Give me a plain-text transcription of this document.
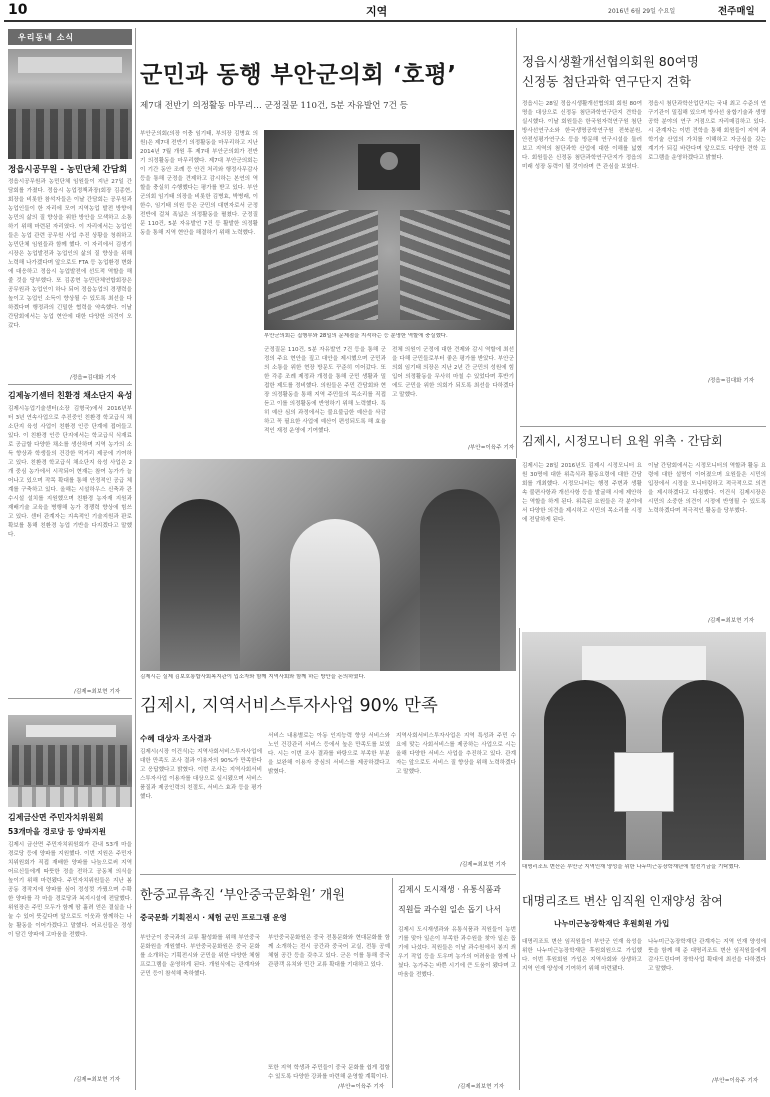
10	지역	2016년 6월 29일 수요일	전주매일
우리동네 소식
정읍시공무원 - 농민단체 간담회
정읍시공무원과 농민단체 임원들이 지난 27일 간담회를 가졌다. 정읍시 농업정책과장(회장 김종현, 회장을 비롯한 참석자들은 이날 간담회는 공무원과 농업인들이 한 자리에 모여 지역농업 발전 방향에 농민의 삶의 질 향상을 위한 방안을 모색하고 소통하기 위해 마련된 자리였다. 이 자리에서는 농업인들은 농업 관련 공무원 사업 추진 상황을 청취하고 농민단체 임원들과 함께 했다. 이 자리에서 김생기 시장은 농업발전과 농업인의 삶의 질 향상을 위해 노력해 나가겠다며 앞으로도 FTA 등 농업환경 변화에 대응하고 정읍시 농업발전에 선도적 역할을 해 줄 것을 당부했다. 또 김종현 농민단체연합회장은 공무원과 농업인이 하나 되어 정읍농업의 경쟁력을 높이고 농업인 소득이 향상될 수 있도록 최선을 다하겠다며 행정과의 긴밀한 협력을 약속했다. 이날 간담회에서는 농업 현안에 대한 다양한 의견이 오갔다.
/정읍=김대화 기자
김제농기센터 친환경 채소단지 육성
김제시농업기술센터(소장 김형국)에서 2016년부터 3년 연속사업으로 추진중인 친환경 학교급식 채소단지 육성 사업이 친환경 인증 단계에 접어들고 있다. 이 친환경 인증 단지에서는 학교급식 식재료로 공급할 다양한 채소를 생산하며 지역 농가의 소득 향상과 학생들의 건강한 먹거리 제공에 기여하고 있다. 친환경 학교급식 채소단지 육성 사업은 2개 중심 농가에서 시작되어 현재는 참여 농가가 늘어나고 있으며 작목 확대를 통해 안정적인 공급 체계를 구축하고 있다. 올해는 시설하우스 신축과 관수시설 설치를 지원했으며 친환경 농자재 지원과 재배기술 교육을 병행해 농가 경쟁력 향상에 힘쓰고 있다. 센터 관계자는 지속적인 기술지원과 판로 확보를 통해 친환경 농업 기반을 다지겠다고 말했다.
/김제=최보현 기자
김제금산면 주민자치위원회
53개마을 경로당 등 양파지원
김제시 금산면 주민자치위원회가 관내 53개 마을 경로당 등에 양파를 지원했다. 이번 지원은 주민자치위원회가 직접 재배한 양파를 나눔으로써 지역 어르신들에게 따뜻한 정을 전하고 공동체 의식을 높이기 위해 마련됐다. 주민자치위원들은 지난 봄 공동 경작지에 양파를 심어 정성껏 가꿨으며 수확한 양파를 각 마을 경로당과 복지시설에 전달했다. 위원장은 주민 모두가 함께 땀 흘려 얻은 결실을 나눌 수 있어 뜻깊다며 앞으로도 이웃과 함께하는 나눔 활동을 이어가겠다고 말했다. 어르신들은 정성이 담긴 양파에 고마움을 전했다.
/김제=최보현 기자
군민과 동행 부안군의회 ‘호평’
제7대 전반기 의정활동 마무리… 군정질문 110건, 5분 자유발언 7건 등
부안군의회(의장 이충 임기태, 부의장 김병효 의원)은 제7대 전반기 의정활동을 마무리하고 지난 2014년 7월 개원 후 제7대 부안군의회가 전반기 의정활동을 마무리했다. 제7대 부안군의회는 이 기간 동안 조례 등 안건 처리와 행정사무감사 등을 통해 군정을 견제하고 감시하는 본연의 역할을 충실히 수행했다는 평가를 받고 있다. 부안군의회 임기태 의장을 비롯한 김병효, 박병래, 이한수, 임기태 의원 등은 군민의 대변자로서 군정 전반에 걸쳐 폭넓은 의정활동을 펼쳤다. 군정질문 110건, 5분 자유발언 7건 등 활발한 의정활동을 통해 지역 현안을 해결하기 위해 노력했다.
부안군의회는 집행부와 28일의 문제점을 지적하는 등 분명한 역할에 충실했다.
군정질문 110건, 5분 자유발언 7건 등을 통해 군정의 주요 현안을 짚고 대안을 제시했으며 군민과의 소통을 위한 현장 방문도 꾸준히 이어갔다. 또한 각종 조례 제정과 개정을 통해 군민 생활과 밀접한 제도를 정비했다. 의원들은 주민 간담회와 현장 의정활동을 통해 지역 주민들의 목소리를 직접 듣고 이를 의정활동에 반영하기 위해 노력했다. 특히 예산 심의 과정에서는 불요불급한 예산을 삭감하고 꼭 필요한 사업에 예산이 편성되도록 해 효율적인 재정 운영에 기여했다.
전체 의원이 군정에 대한 견제와 감시 역할에 최선을 다해 군민들로부터 좋은 평가를 받았다. 부안군의회 임기태 의장은 지난 2년 간 군민의 성원에 힘입어 의정활동을 무사히 마칠 수 있었다며 후반기에도 군민을 위한 의회가 되도록 최선을 다하겠다고 말했다.
/부안=이육주 기자
정읍시생활개선협의회원 80여명
신정동 첨단과학 연구단지 견학
정읍시는 28일 정읍시생활개선협의회 회원 80여명을 대상으로 신정동 첨단과학연구단지 견학을 실시했다. 이날 회원들은 한국원자력연구원 첨단방사선연구소와 한국생명공학연구원 전북분원, 안전성평가연구소 등을 방문해 연구시설을 둘러보고 지역의 첨단과학 산업에 대한 이해를 넓혔다. 회원들은 신정동 첨단과학연구단지가 정읍의 미래 성장 동력이 될 것이라며 큰 관심을 보였다.
정읍시 첨단과학산업단지는 국내 최고 수준의 연구기관이 밀집해 있으며 방사선 융합기술과 생명공학 분야의 연구 거점으로 자리매김하고 있다. 시 관계자는 이번 견학을 통해 회원들이 지역 과학기술 산업의 가치를 이해하고 자긍심을 갖는 계기가 되길 바란다며 앞으로도 다양한 견학 프로그램을 운영하겠다고 밝혔다.
/정읍=김대화 기자
김제시, 시정모니터 요원 위촉 · 간담회
김제시는 28일 2016년도 김제시 시정모니터 요원 30명에 대한 위촉식과 활동요령에 대한 간담회를 개최했다. 시정모니터는 행정 주변과 생활 속 불편사항과 개선사항 등을 발굴해 시에 제안하는 역할을 하게 된다. 위촉된 요원들은 각 분야에서 다양한 의견을 제시하고 시민의 목소리를 시정에 전달하게 된다.
이날 간담회에서는 시정모니터의 역할과 활동 요령에 대한 설명이 이어졌으며 요원들은 시민의 입장에서 시정을 모니터링하고 적극적으로 의견을 제시하겠다고 다짐했다. 이건식 김제시장은 시민의 소중한 의견이 시정에 반영될 수 있도록 노력하겠다며 적극적인 활동을 당부했다.
/김제=최보현 기자
김제시는 실제 김보호통합사회복지관이 입소자와 함께 지역사회와 함께 하는 방안을 논의하였다.
김제시, 지역서비스투자사업 90% 만족
수혜 대상자 조사결과
김제시(시장 이건식)는 지역사회서비스투자사업에 대한 만족도 조사 결과 이용자의 90%가 만족한다고 응답했다고 밝혔다. 이번 조사는 지역사회서비스투자사업 이용자를 대상으로 실시됐으며 서비스 품질과 제공인력의 친절도, 서비스 효과 등을 평가했다.
서비스 내용별로는 아동 인지능력 향상 서비스와 노인 건강관리 서비스 등에서 높은 만족도를 보였다. 시는 이번 조사 결과를 바탕으로 부족한 부분을 보완해 이용자 중심의 서비스를 제공하겠다고 밝혔다.
지역사회서비스투자사업은 지역 특성과 주민 수요에 맞는 사회서비스를 제공하는 사업으로 시는 올해 다양한 서비스 사업을 추진하고 있다. 관계자는 앞으로도 서비스 질 향상을 위해 노력하겠다고 말했다.
/김제=최보현 기자
한중교류촉진 ‘부안중국문화원’ 개원
중국문화 기획전시 · 체험 군민 프로그램 운영
부안군이 중국과의 교류 활성화를 위해 부안중국문화원을 개원했다. 부안중국문화원은 중국 문화를 소개하는 기획전시와 군민을 위한 다양한 체험 프로그램을 운영하게 된다. 개원식에는 관계자와 군민 등이 참석해 축하했다.
부안중국문화원은 중국 전통문화와 현대문화를 함께 소개하는 전시 공간과 중국어 교실, 전통 공예 체험 공간 등을 갖추고 있다. 군은 이를 통해 중국 관광객 유치와 민간 교류 확대를 기대하고 있다.
또한 지역 학생과 주민들이 중국 문화를 쉽게 접할 수 있도록 다양한 강좌를 마련해 운영할 계획이다.
/부안=이육주 기자
김제시 도시재생 · 유통식품과
직원들 과수원 일손 돕기 나서
김제시 도시재생과와 유통식품과 직원들이 농번기를 맞아 일손이 부족한 과수원을 찾아 일손 돕기에 나섰다. 직원들은 이날 과수원에서 봉지 씌우기 작업 등을 도우며 농가의 어려움을 함께 나눴다. 농가주는 바쁜 시기에 큰 도움이 됐다며 고마움을 전했다.
/김제=최보현 기자
대명리조트 변산은 부안군 지역인재 양성을 위한 나누미근농장학재단에 발전기금을 기탁했다.
대명리조트 변산 임직원 인재양성 참여
나누미근농장학재단 후원회원 가입
대명리조트 변산 임직원들이 부안군 인재 육성을 위한 나누미근농장학재단 후원회원으로 가입했다. 이번 후원회원 가입은 지역사회와 상생하고 지역 인재 양성에 기여하기 위해 마련됐다.
나누미근농장학재단 관계자는 지역 인재 양성에 뜻을 함께 해 준 대명리조트 변산 임직원들에게 감사드린다며 장학사업 확대에 최선을 다하겠다고 말했다.
/부안=이육주 기자
